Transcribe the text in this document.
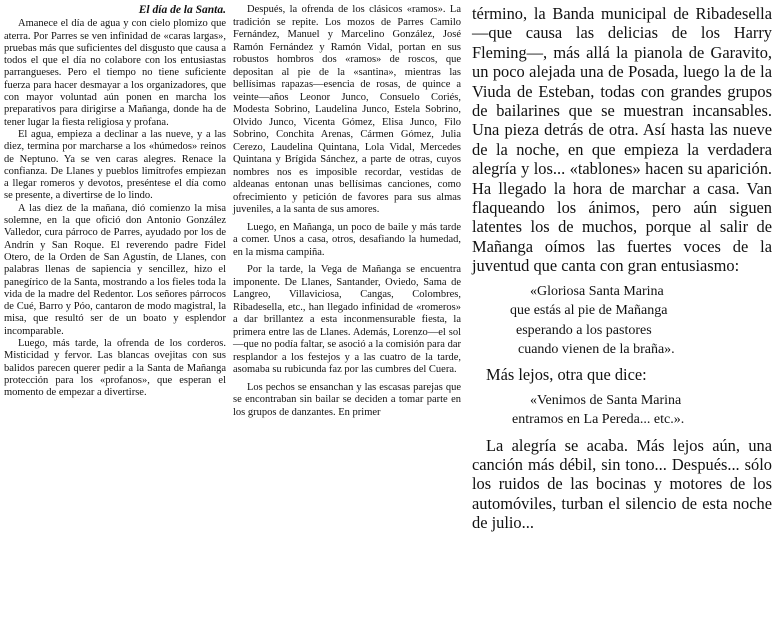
El día de la Santa.

Amanece el día de agua y con cielo plomizo que aterra. Por Parres se ven infinidad de «caras largas», pruebas más que suficientes del disgusto que causa a todos el que el día no colabore con los entusiastas parrangueses. Pero el tiempo no tiene suficiente fuerza para hacer desmayar a los organizadores, que con mayor voluntad aún ponen en marcha los preparativos para dirigirse a Mañanga, donde ha de tener lugar la fiesta religiosa y profana.

El agua, empieza a declinar a las nueve, y a las diez, termina por marcharse a los «húmedos» reinos de Neptuno. Ya se ven caras alegres. Renace la confianza. De Llanes y pueblos limítrofes empiezan a llegar romeros y devotos, preséntese el día como se presente, a divertirse de lo lindo.

A las diez de la mañana, dió comienzo la misa solemne, en la que ofició don Antonio González Valledor, cura párroco de Parres, ayudado por los de Andrín y San Roque. El reverendo padre Fidel Otero, de la Orden de San Agustín, de Llanes, con palabras llenas de sapiencia y sencillez, hizo el panegírico de la Santa, mostrando a los fieles toda la vida de la madre del Redentor. Los señores párrocos de Cué, Barro y Póo, cantaron de modo magistral, la misa, que resultó ser de un boato y esplendor incomparable.

Luego, más tarde, la ofrenda de los corderos. Misticidad y fervor. Las blancas ovejitas con sus balidos parecen querer pedir a la Santa de Mañanga protección para los «profanos», que esperan el momento de empezar a divertirse.

Después, la ofrenda de los clásicos «ramos». La tradición se repite. Los mozos de Parres Camilo Fernández, Manuel y Marcelino González, José Ramón Fernández y Ramón Vidal, portan en sus robustos hombros dos «ramos» de roscos, que depositan al pie de la «santina», mientras las bellísimas rapazas—esencia de rosas, de quince a veinte—años Leonor Junco, Consuelo Coriés, Modesta Sobrino, Laudelina Junco, Estela Sobrino, Olvido Junco, Vicenta Gómez, Elisa Junco, Filo Sobrino, Conchita Arenas, Cármen Gómez, Julia Cerezo, Laudelina Quintana, Lola Vidal, Mercedes Quintana y Brígida Sánchez, a parte de otras, cuyos nombres nos es imposible recordar, vestidas de aldeanas entonan unas bellísimas canciones, como ofrecimiento y petición de favores para sus almas juveniles, a la santa de sus amores.

Luego, en Mañanga, un poco de baile y más tarde a comer. Unos a casa, otros, desafiando la humedad, en la misma campiña.

Por la tarde, la Vega de Mañanga se encuentra imponente. De Llanes, Santander, Oviedo, Sama de Langreo, Villaviciosa, Cangas, Colombres, Ribadesella, etc., han llegado infinidad de «romeros» a dar brillantez a esta inconmensurable fiesta, la primera entre las de Llanes. Además, Lorenzo—el sol—que no podía faltar, se asoció a la comisión para dar resplandor a los festejos y a las cuatro de la tarde, asomaba su rubicunda faz por las cumbres del Cuera.

Los pechos se ensanchan y las escasas parejas que se encontraban sin bailar se deciden a tomar parte en los grupos de danzantes. En primer

término, la Banda municipal de Ribadesella—que causa las delicias de los Harry Fleming—, más allá la pianola de Garavito, un poco alejada una de Posada, luego la de la Viuda de Esteban, todas con grandes grupos de bailarines que se muestran incansables. Una pieza detrás de otra. Así hasta las nueve de la noche, en que empieza la verdadera alegría y los... «tablones» hacen su aparición. Ha llegado la hora de marchar a casa. Van flaqueando los ánimos, pero aún siguen latentes los de muchos, porque al salir de Mañanga oímos las fuertes voces de la juventud que canta con gran entusiasmo:

«Gloriosa Santa Marina
que estás al pie de Mañanga
esperando a los pastores
cuando vienen de la braña».

Más lejos, otra que dice:

«Venimos de Santa Marina
entramos en La Pereda... etc.».

La alegría se acaba. Más lejos aún, una canción más débil, sin tono... Después... sólo los ruidos de las bocinas y motores de los automóviles, turban el silencio de esta noche de julio...
